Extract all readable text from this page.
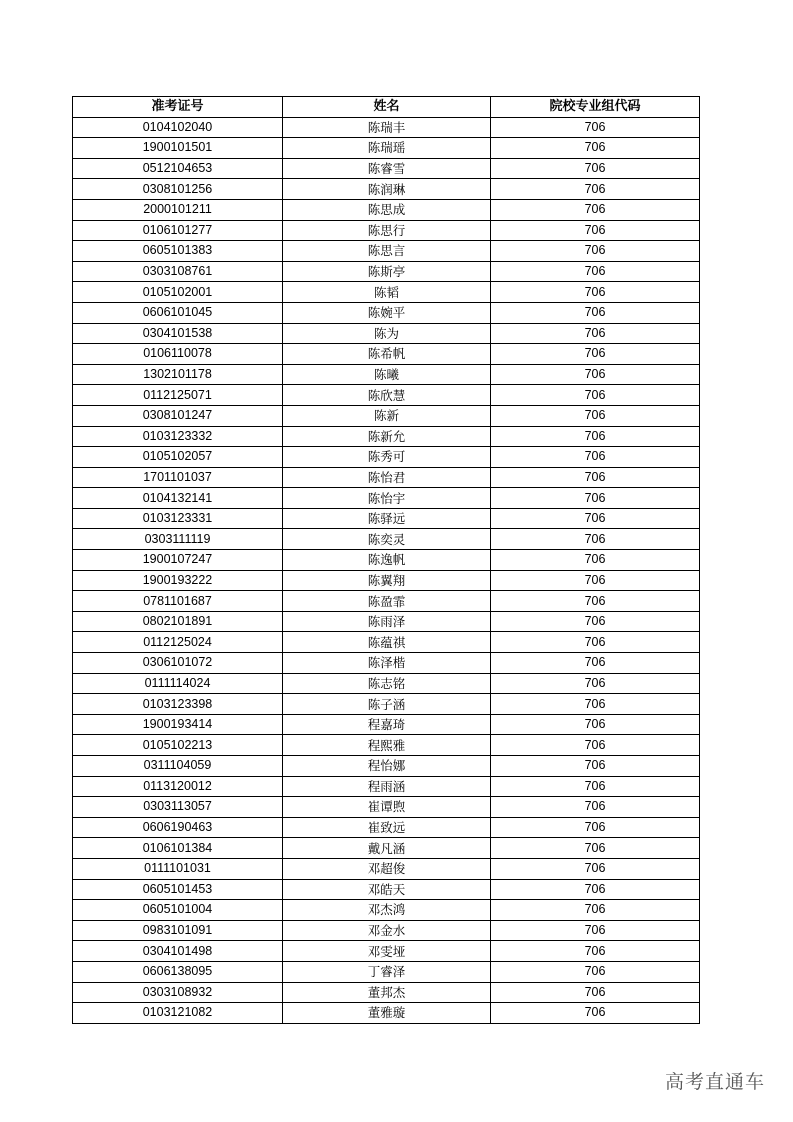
准考证号	姓名	院校专业组代码
0104102040	陈瑞丰	706
1900101501	陈瑞瑶	706
0512104653	陈睿雪	706
0308101256	陈润琳	706
2000101211	陈思成	706
0106101277	陈思行	706
0605101383	陈思言	706
0303108761	陈斯亭	706
0105102001	陈韬	706
0606101045	陈婉平	706
0304101538	陈为	706
0106110078	陈希帆	706
1302101178	陈曦	706
0112125071	陈欣慧	706
0308101247	陈新	706
0103123332	陈新允	706
0105102057	陈秀可	706
1701101037	陈怡君	706
0104132141	陈怡宇	706
0103123331	陈驿远	706
0303111119	陈奕灵	706
1900107247	陈逸帆	706
1900193222	陈翼翔	706
0781101687	陈盈霏	706
0802101891	陈雨泽	706
0112125024	陈蕴祺	706
0306101072	陈泽楷	706
0111114024	陈志铭	706
0103123398	陈子涵	706
1900193414	程嘉琦	706
0105102213	程熙雅	706
0311104059	程怡娜	706
0113120012	程雨涵	706
0303113057	崔谭煦	706
0606190463	崔致远	706
0106101384	戴凡涵	706
0111101031	邓超俊	706
0605101453	邓皓天	706
0605101004	邓杰鸿	706
0983101091	邓金水	706
0304101498	邓雯垭	706
0606138095	丁睿泽	706
0303108932	董邦杰	706
0103121082	董雅璇	706
高考直通车
